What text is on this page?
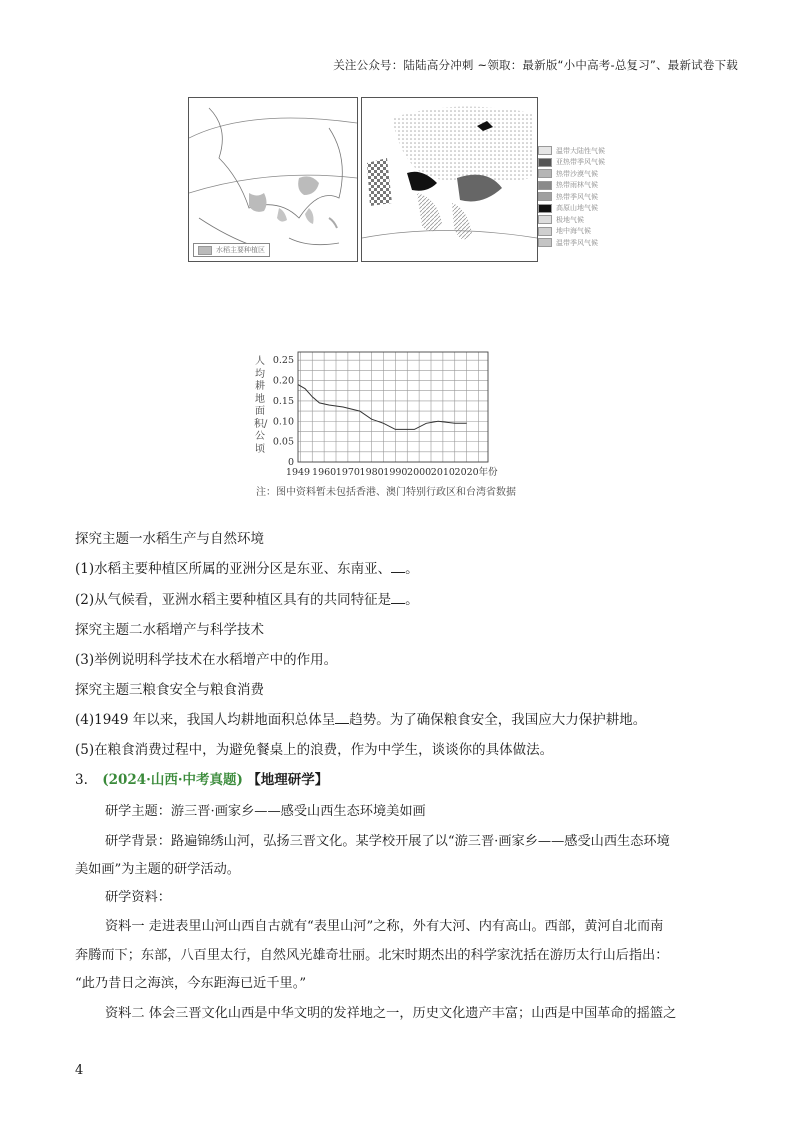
关注公众号：陆陆高分冲刺 ~领取：最新版“小中高考-总复习”、最新试卷下载
水稻主要种植区
温带大陆性气候
亚热带季风气候
热带沙漠气候
热带雨林气候
热带季风气候
高原山地气候
极地气候
地中海气候
温带季风气候
人均耕地面积/公顷
0
0.05
0.10
0.15
0.20
0.25
1949 1960 1970 1980 1990 2000 2010 2020 年份
注：图中资料暂未包括香港、澳门特别行政区和台湾省数据
探究主题一水稻生产与自然环境
(1)水稻主要种植区所属的亚洲分区是东亚、东南亚、 。
(2)从气候看，亚洲水稻主要种植区具有的共同特征是 。
探究主题二水稻增产与科学技术
(3)举例说明科学技术在水稻增产中的作用。
探究主题三粮食安全与粮食消费
(4)1949 年以来，我国人均耕地面积总体呈 趋势。为了确保粮食安全，我国应大力保护耕地。
(5)在粮食消费过程中，为避免餐桌上的浪费，作为中学生，谈谈你的具体做法。
3. (2024·山西·中考真题) 【地理研学】
研学主题：游三晋·画家乡——感受山西生态环境美如画
研学背景：路遍锦绣山河，弘扬三晋文化。某学校开展了以“游三晋·画家乡——感受山西生态环境
美如画”为主题的研学活动。
研学资料：
资料一 走进表里山河山西自古就有“表里山河”之称，外有大河、内有高山。西部，黄河自北而南
奔腾而下；东部，八百里太行，自然风光雄奇壮丽。北宋时期杰出的科学家沈括在游历太行山后指出：
“此乃昔日之海滨，今东距海已近千里。”
资料二 体会三晋文化山西是中华文明的发祥地之一，历史文化遗产丰富；山西是中国革命的摇篮之
4
